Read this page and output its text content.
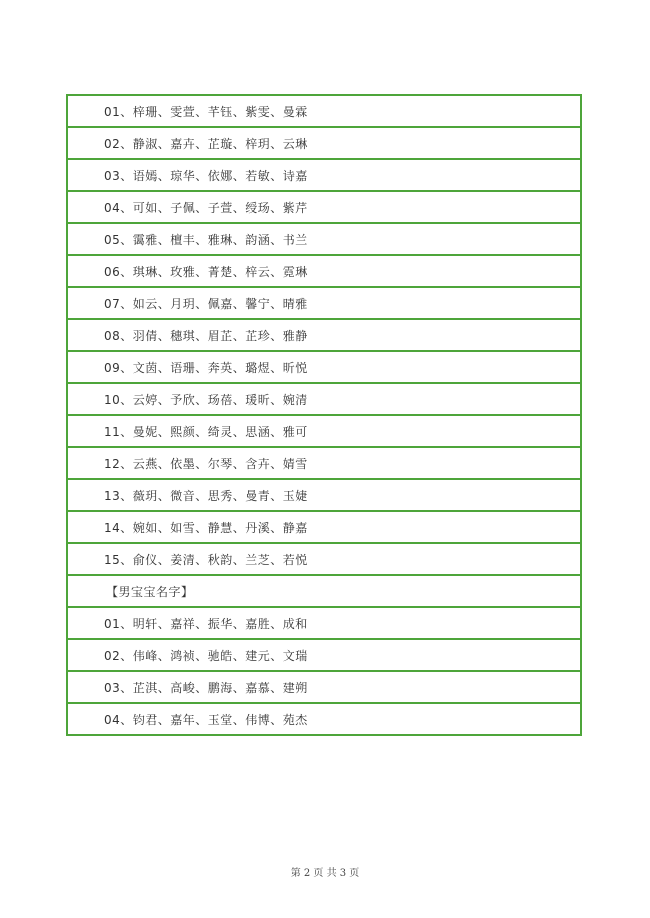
01、梓珊、雯萱、芊钰、紫雯、曼霖
02、静淑、嘉卉、芷璇、梓玥、云琳
03、语嫣、琼华、依娜、若敏、诗嘉
04、可如、子佩、子萱、绶玚、紫芹
05、霭雅、檀丰、雅琳、韵涵、书兰
06、琪琳、玫雅、菁楚、梓云、霓琳
07、如云、月玥、佩嘉、馨宁、晴雅
08、羽倩、穗琪、眉芷、芷珍、雅静
09、文茵、语珊、奔英、璐煜、昕悦
10、云婷、予欣、玚蓓、瑗昕、婉清
11、曼妮、熙颜、绮灵、思涵、雅可
12、云燕、依墨、尔琴、含卉、婧雪
13、薇玥、微音、思秀、曼青、玉婕
14、婉如、如雪、静慧、丹溪、静嘉
15、俞仪、姜清、秋韵、兰芝、若悦
【男宝宝名字】
01、明轩、嘉祥、振华、嘉胜、成和
02、伟峰、鸿祯、驰皓、建元、文瑞
03、芷淇、高峻、鹏海、嘉慕、建朔
04、钧君、嘉年、玉堂、伟博、苑杰
第 2 页 共 3 页
